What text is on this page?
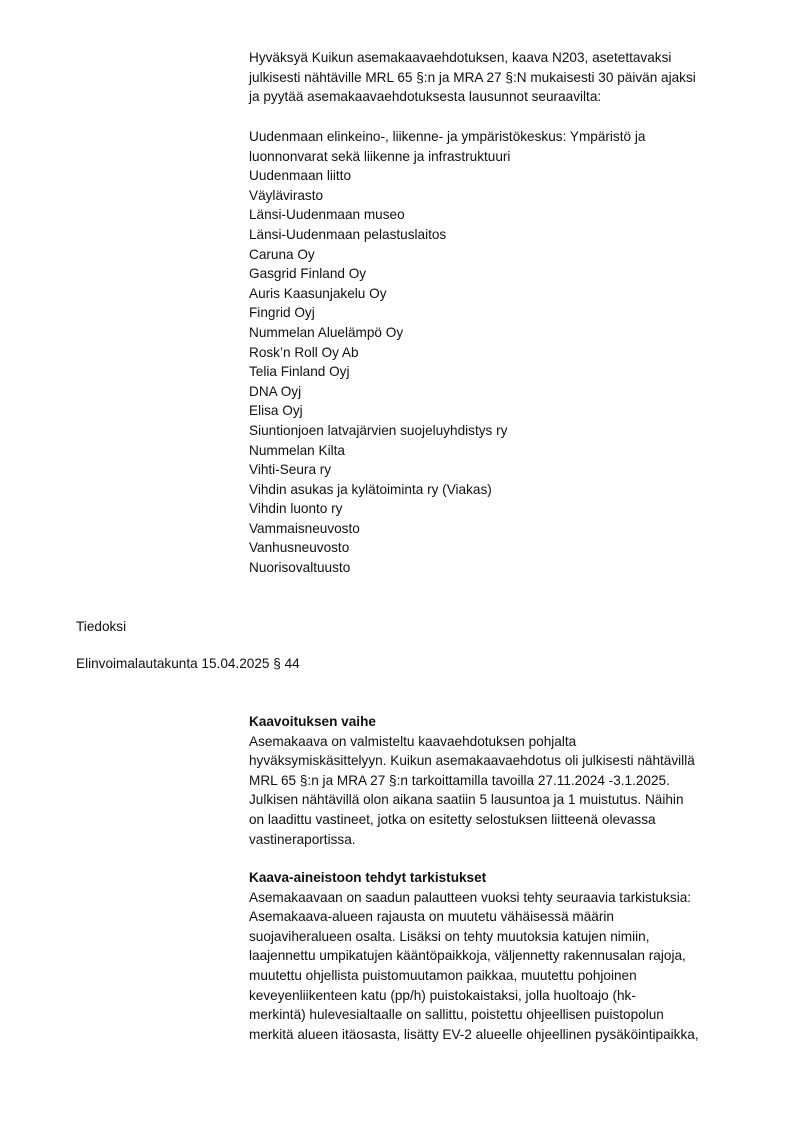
Hyväksyä Kuikun asemakaavaehdotuksen, kaava N203, asetettavaksi
julkisesti nähtäville MRL 65 §:n ja MRA 27 §:N mukaisesti 30 päivän ajaksi
ja pyytää asemakaavaehdotuksesta lausunnot seuraavilta:
Uudenmaan elinkeino-, liikenne- ja ympäristökeskus: Ympäristö ja
luonnonvarat sekä liikenne ja infrastruktuuri
Uudenmaan liitto
Väylävirasto
Länsi-Uudenmaan museo
Länsi-Uudenmaan pelastuslaitos
Caruna Oy
Gasgrid Finland Oy
Auris Kaasunjakelu Oy
Fingrid Oyj
Nummelan Aluelämpö Oy
Rosk’n Roll Oy Ab
Telia Finland Oyj
DNA Oyj
Elisa Oyj
Siuntionjoen latvajärvien suojeluyhdistys ry
Nummelan Kilta
Vihti-Seura ry
Vihdin asukas ja kylätoiminta ry (Viakas)
Vihdin luonto ry
Vammaisneuvosto
Vanhusneuvosto
Nuorisovaltuusto
Tiedoksi
Elinvoimalautakunta 15.04.2025 § 44
Kaavoituksen vaihe
Asemakaava on valmisteltu kaavaehdotuksen pohjalta
hyväksymiskäsittelyyn. Kuikun asemakaavaehdotus oli julkisesti nähtävillä
MRL 65 §:n ja MRA 27 §:n tarkoittamilla tavoilla 27.11.2024 -3.1.2025.
Julkisen nähtävillä olon aikana saatiin 5 lausuntoa ja 1 muistutus. Näihin
on laadittu vastineet, jotka on esitetty selostuksen liitteenä olevassa
vastineraportissa.
Kaava-aineistoon tehdyt tarkistukset
Asemakaavaan on saadun palautteen vuoksi tehty seuraavia tarkistuksia:
Asemakaava-alueen rajausta on muutetu vähäisessä määrin
suojaviheralueen osalta. Lisäksi on tehty muutoksia katujen nimiin,
laajennettu umpikatujen kääntöpaikkoja, väljennetty rakennusalan rajoja,
muutettu ohjellista puistomuutamon paikkaa, muutettu pohjoinen
keveyenliikenteen katu (pp/h) puistokaistaksi, jolla huoltoajo (hk-
merkintä) hulevesialtaalle on sallittu, poistettu ohjeellisen puistopolun
merkitä alueen itäosasta, lisätty EV-2 alueelle ohjeellinen pysäköintipaikka,
